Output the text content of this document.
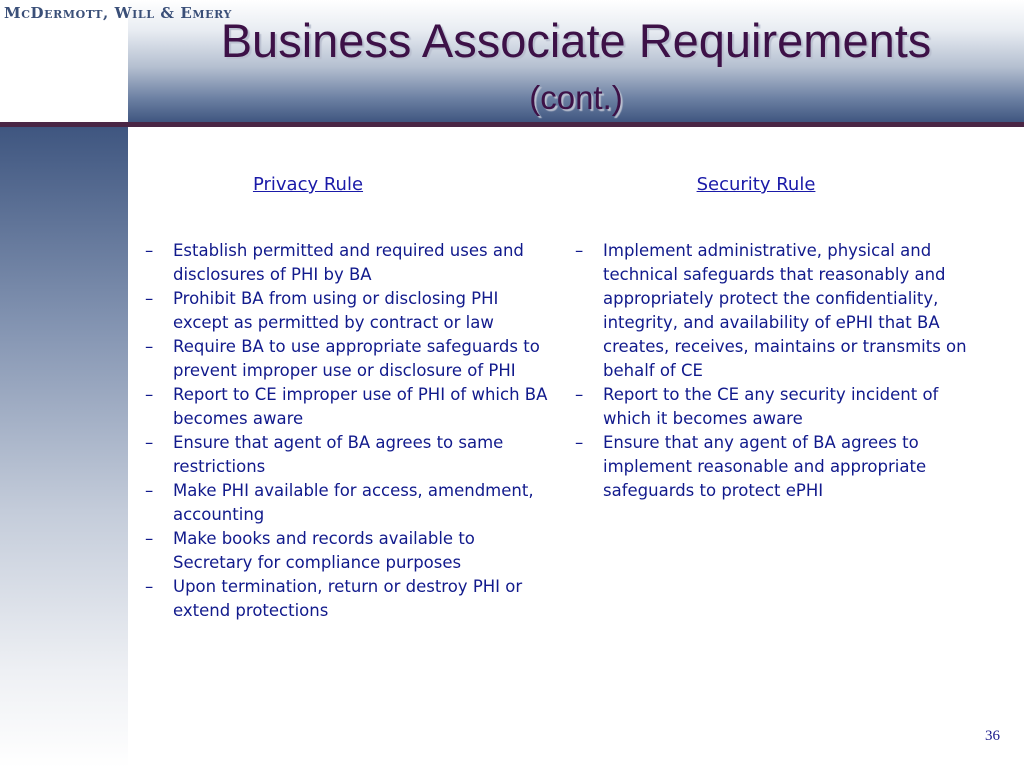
McDermott, Will & Emery
Business Associate Requirements
(cont.)
Privacy Rule	Security Rule
– Establish permitted and required uses and disclosures of PHI by BA
– Prohibit BA from using or disclosing PHI except as permitted by contract or law
– Require BA to use appropriate safeguards to prevent improper use or disclosure of PHI
– Report to CE improper use of PHI of which BA becomes aware
– Ensure that agent of BA agrees to same restrictions
– Make PHI available for access, amendment, accounting
– Make books and records available to Secretary for compliance purposes
– Upon termination, return or destroy PHI or extend protections
– Implement administrative, physical and technical safeguards that reasonably and appropriately protect the confidentiality, integrity, and availability of ePHI that BA creates, receives, maintains or transmits on behalf of CE
– Report to the CE any security incident of which it becomes aware
– Ensure that any agent of BA agrees to implement reasonable and appropriate safeguards to protect ePHI
36
